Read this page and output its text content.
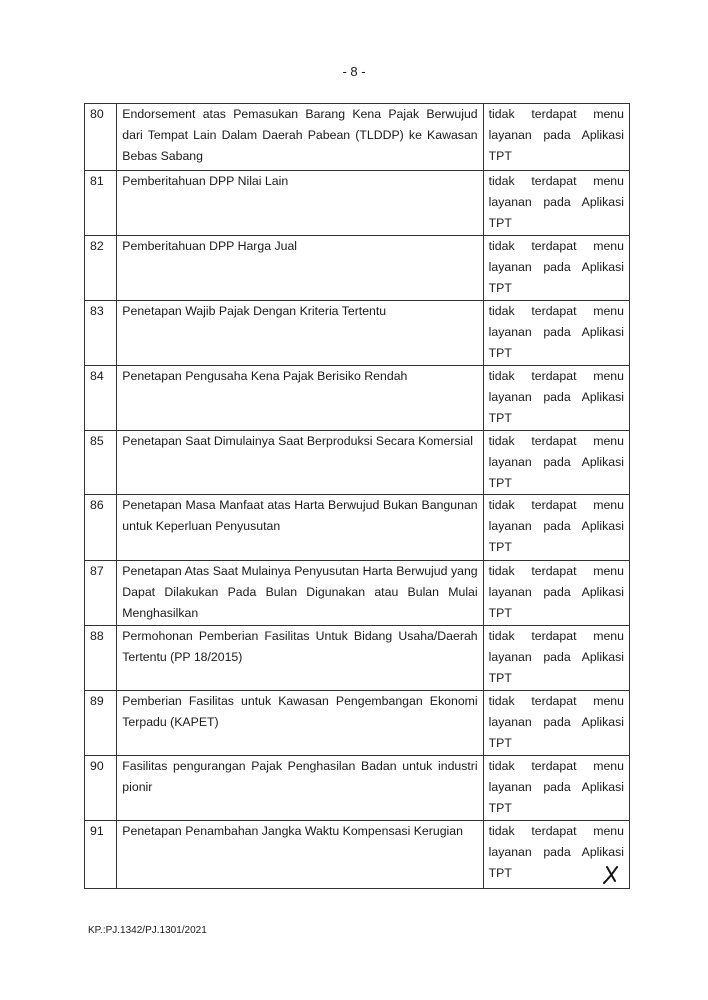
- 8 -
80	Endorsement atas Pemasukan Barang Kena Pajak Berwujud dari Tempat Lain Dalam Daerah Pabean (TLDDP) ke Kawasan Bebas Sabang	tidak terdapat menu layanan pada Aplikasi
TPT

81	Pemberitahuan DPP Nilai Lain	tidak terdapat menu layanan pada Aplikasi
TPT

82	Pemberitahuan DPP Harga Jual	tidak terdapat menu layanan pada Aplikasi
TPT

83	Penetapan Wajib Pajak Dengan Kriteria Tertentu	tidak terdapat menu layanan pada Aplikasi
TPT

84	Penetapan Pengusaha Kena Pajak Berisiko Rendah	tidak terdapat menu layanan pada Aplikasi
TPT

85	Penetapan Saat Dimulainya Saat Berproduksi Secara Komersial	tidak terdapat menu layanan pada Aplikasi
TPT

86	Penetapan Masa Manfaat atas Harta Berwujud Bukan Bangunan untuk Keperluan Penyusutan	tidak terdapat menu layanan pada Aplikasi
TPT

87	Penetapan Atas Saat Mulainya Penyusutan Harta Berwujud yang Dapat Dilakukan Pada Bulan Digunakan atau Bulan Mulai Menghasilkan	tidak terdapat menu layanan pada Aplikasi
TPT

88	Permohonan Pemberian Fasilitas Untuk Bidang Usaha/Daerah Tertentu (PP 18/2015)	tidak terdapat menu layanan pada Aplikasi
TPT

89	Pemberian Fasilitas untuk Kawasan Pengembangan Ekonomi Terpadu (KAPET)	tidak terdapat menu layanan pada Aplikasi
TPT

90	Fasilitas pengurangan Pajak Penghasilan Badan untuk industri pionir	tidak terdapat menu layanan pada Aplikasi
TPT

91	Penetapan Penambahan Jangka Waktu Kompensasi Kerugian	tidak terdapat menu layanan pada Aplikasi
TPT
KP.:PJ.1342/PJ.1301/2021
